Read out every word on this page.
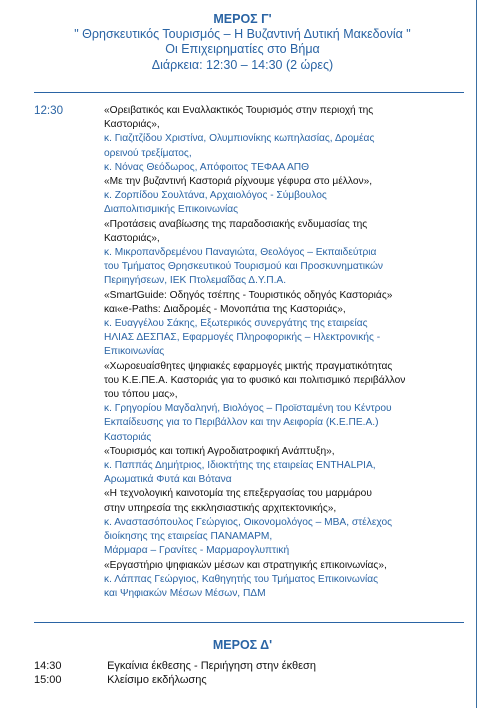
ΜΕΡΟΣ Γ'
" Θρησκευτικός Τουρισμός – Η Βυζαντινή Δυτική Μακεδονία "
Οι Επιχειρηματίες στο Βήμα
Διάρκεια: 12:30 – 14:30 (2 ώρες)
12:30	«Ορειβατικός και Εναλλακτικός Τουρισμός στην περιοχή της
Καστοριάς»,
κ. Γιαζιτζίδου Χριστίνα, Ολυμπιονίκης κωπηλασίας, Δρομέας
ορεινού τρεξίματος,
κ. Νόνας Θεόδωρος, Απόφοιτος ΤΕΦΑΑ ΑΠΘ
«Με την βυζαντινή Καστοριά ρίχνουμε γέφυρα στο μέλλον»,
κ. Ζορπίδου Σουλτάνα, Αρχαιολόγος - Σύμβουλος
Διαπολιτισμικής Επικοινωνίας
«Προτάσεις αναβίωσης της παραδοσιακής ενδυμασίας της
Καστοριάς»,
κ. Μικροπανδρεμένου Παναγιώτα, Θεολόγος – Εκπαιδεύτρια
του Τμήματος Θρησκευτικού Τουρισμού και Προσκυνηματικών
Περιηγήσεων, ΙΕΚ Πτολεμαΐδας Δ.Υ.Π.Α.
«SmartGuide: Οδηγός τσέπης - Τουριστικός οδηγός Καστοριάς»
και«e-Paths: Διαδρομές - Μονοπάτια της Καστοριάς»,
κ. Ευαγγέλου Σάκης, Εξωτερικός συνεργάτης της εταιρείας
ΗΛΙΑΣ ΔΕΣΠΑΣ, Εφαρμογές Πληροφορικής – Ηλεκτρονικής -
Επικοινωνίας
«Χωροευαίσθητες ψηφιακές εφαρμογές μικτής πραγματικότητας
του Κ.Ε.ΠΕ.Α. Καστοριάς για το φυσικό και πολιτισμικό περιβάλλον
του τόπου μας»,
κ. Γρηγορίου Μαγδαληνή, Βιολόγος – Προϊσταμένη του Κέντρου
Εκπαίδευσης για το Περιβάλλον και την Αειφορία (Κ.Ε.ΠΕ.Α.)
Καστοριάς
«Τουρισμός και τοπική Αγροδιατροφική Ανάπτυξη»,
κ. Παππάς Δημήτριος, Ιδιοκτήτης της εταιρείας ENTHALPIA,
Αρωματικά Φυτά και Βότανα
«Η τεχνολογική καινοτομία της επεξεργασίας του μαρμάρου
στην υπηρεσία της εκκλησιαστικής αρχιτεκτονικής»,
κ. Αναστασόπουλος Γεώργιος, Οικονομολόγος – MBA, στέλεχος
διοίκησης της εταιρείας ΠΑΝΑΜΑΡΜ,
Μάρμαρα – Γρανίτες - Μαρμαρογλυπτική
«Εργαστήριο ψηφιακών μέσων και στρατηγικής επικοινωνίας»,
κ. Λάππας Γεώργιος, Καθηγητής του Τμήματος Επικοινωνίας
και Ψηφιακών Μέσων Μέσων, ΠΔΜ
ΜΕΡΟΣ Δ'
14:30	Εγκαίνια έκθεσης - Περιήγηση στην έκθεση
15:00	Κλείσιμο εκδήλωσης
